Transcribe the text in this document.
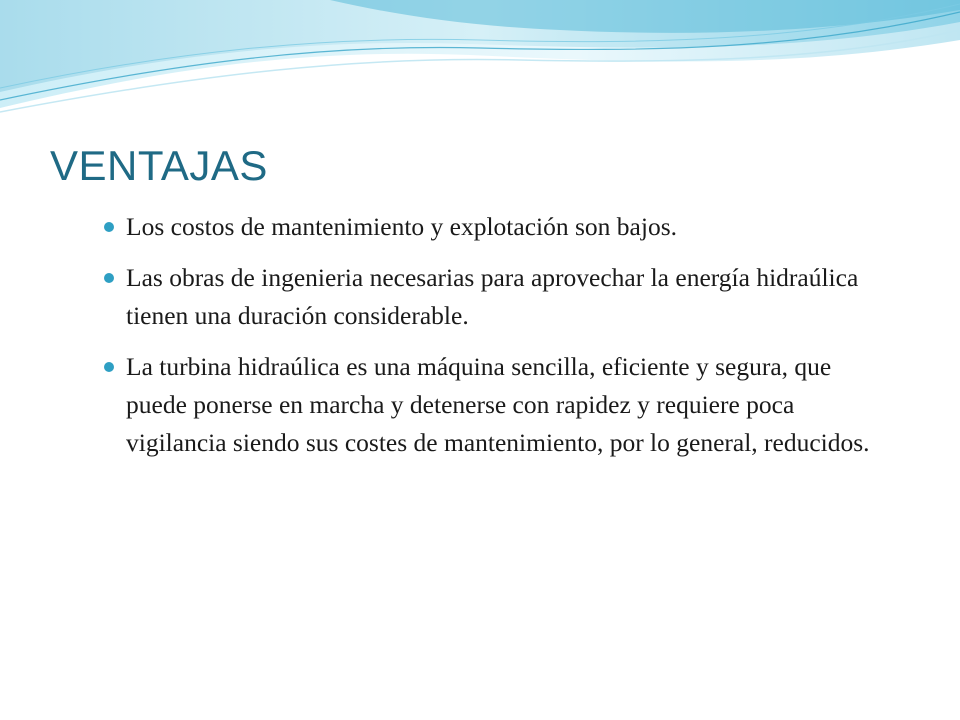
VENTAJAS
Los costos de mantenimiento y explotación son bajos.
Las obras de ingenieria necesarias para aprovechar la energía hidraúlica tienen una duración considerable.
La turbina hidraúlica es una máquina sencilla, eficiente y segura, que puede ponerse en marcha y detenerse con rapidez y requiere poca vigilancia siendo sus costes de mantenimiento, por lo general, reducidos.
